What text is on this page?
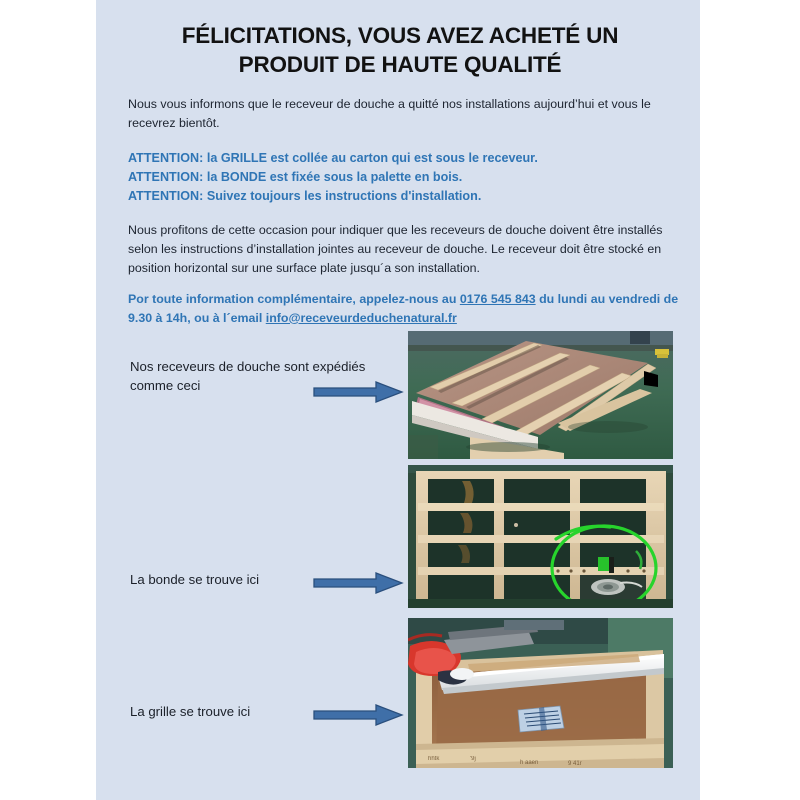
FÉLICITATIONS, VOUS AVEZ ACHETÉ UN
PRODUIT DE HAUTE QUALITÉ
Nous vous informons que le receveur de douche a quitté nos installations aujourd’hui et vous le recevrez bientôt.
ATTENTION: la GRILLE est collée au carton qui est sous le receveur.
ATTENTION: la BONDE est fixée sous la palette en bois.
ATTENTION: Suivez toujours les instructions d'installation.
Nous profitons de cette occasion pour indiquer que les receveurs de douche doivent être installés selon les instructions d’installation jointes au receveur de douche. Le receveur doit être stocké en position horizontal sur une surface plate jusqu´a son installation.
Por toute information complémentaire, appelez-nous au 0176 545 843 du lundi au vendredi de 9.30 à 14h, ou à l´email info@receveurdeduchenatural.fr
Nos receveurs de douche sont expédiés
comme ceci
La bonde se trouve ici
La grille se trouve ici
hhtk	'9j
h aaen	9 41r
